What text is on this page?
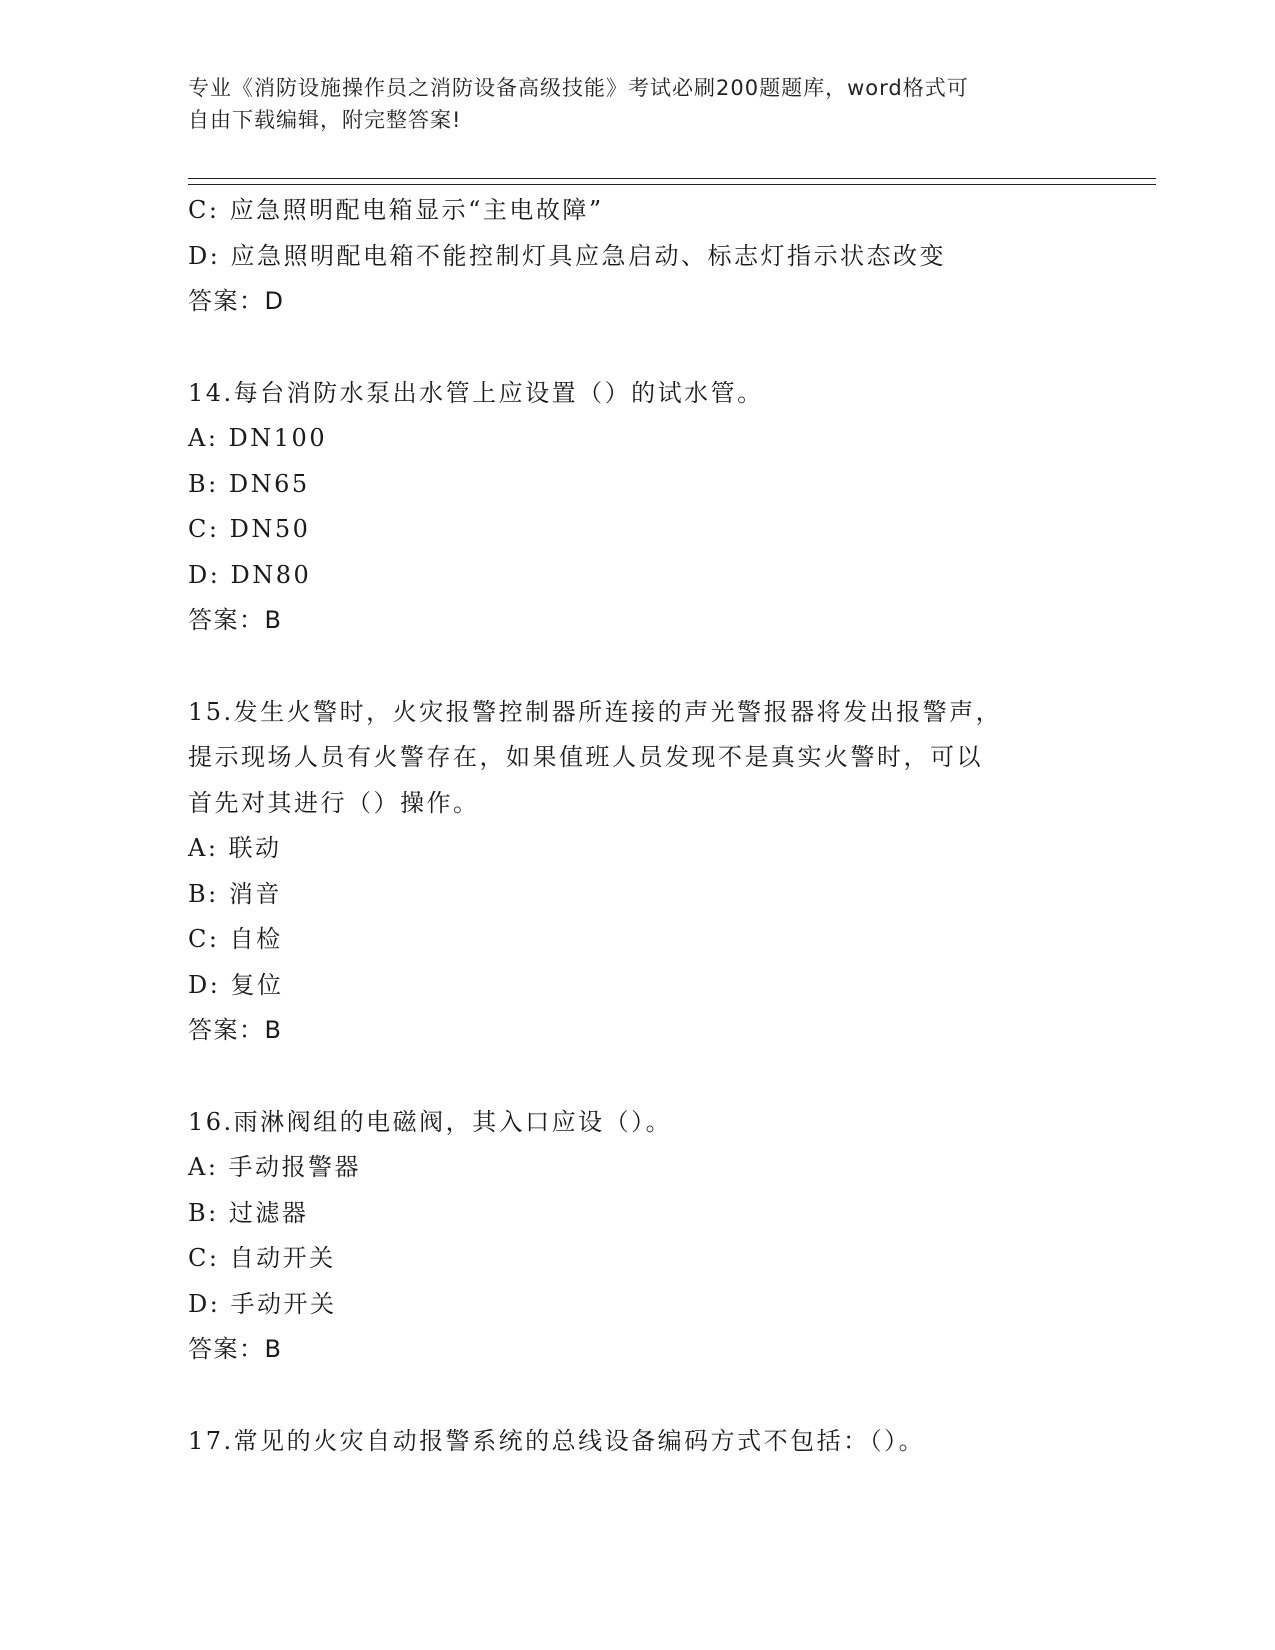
专业《消防设施操作员之消防设备高级技能》考试必刷200题题库，word格式可
自由下载编辑，附完整答案!
C: 应急照明配电箱显示“主电故障”
D: 应急照明配电箱不能控制灯具应急启动、标志灯指示状态改变
答案：D
14.每台消防水泵出水管上应设置（）的试水管。
A: DN100
B: DN65
C: DN50
D: DN80
答案：B
15.发生火警时，火灾报警控制器所连接的声光警报器将发出报警声，
提示现场人员有火警存在，如果值班人员发现不是真实火警时，可以
首先对其进行（）操作。
A: 联动
B: 消音
C: 自检
D: 复位
答案：B
16.雨淋阀组的电磁阀，其入口应设（）。
A: 手动报警器
B: 过滤器
C: 自动开关
D: 手动开关
答案：B
17.常见的火灾自动报警系统的总线设备编码方式不包括：（）。
